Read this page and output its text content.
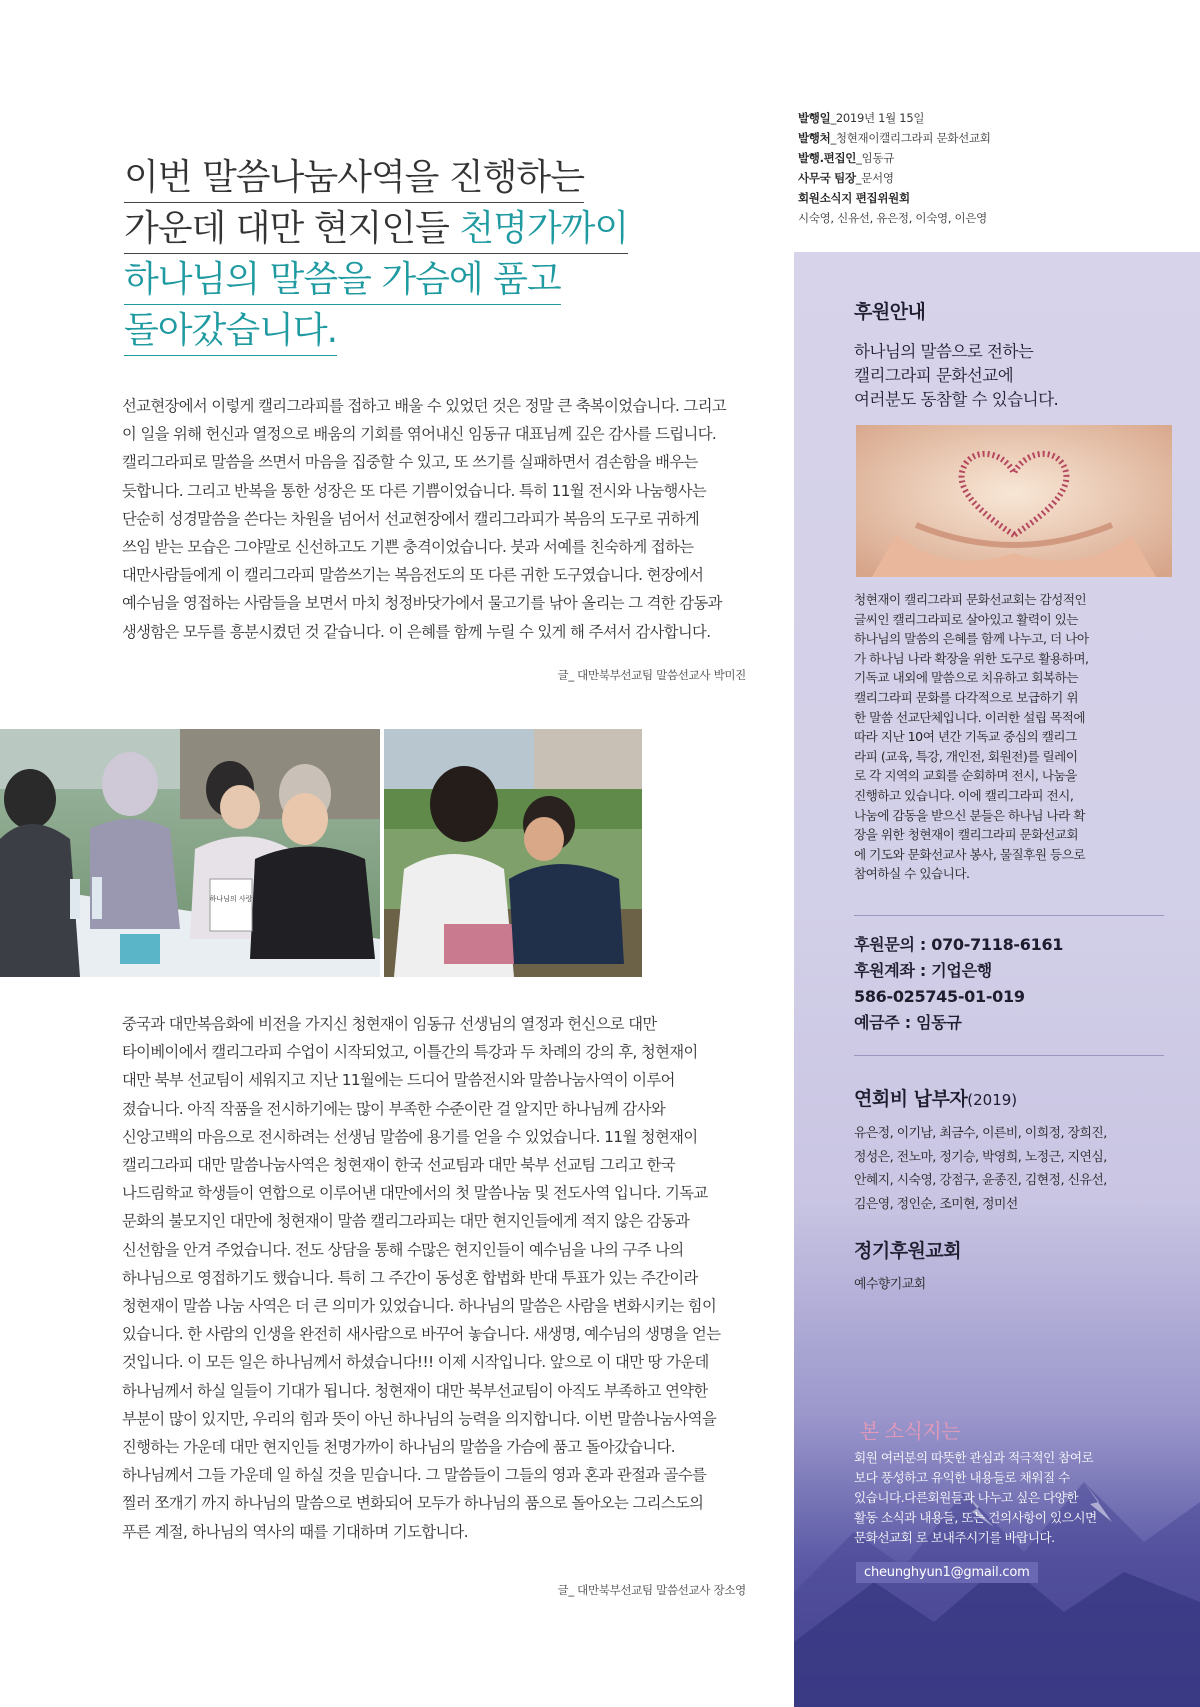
이번 말씀나눔사역을 진행하는
가운데 대만 현지인들 천명가까이
하나님의 말씀을 가슴에 품고
돌아갔습니다.
선교현장에서 이렇게 캘리그라피를 접하고 배울 수 있었던 것은 정말 큰 축복이었습니다. 그리고
이 일을 위해 헌신과 열정으로 배움의 기회를 엮어내신 임동규 대표님께 깊은 감사를 드립니다.
캘리그라피로 말씀을 쓰면서 마음을 집중할 수 있고, 또 쓰기를 실패하면서 겸손함을 배우는
듯합니다. 그리고 반복을 통한 성장은 또 다른 기쁨이었습니다. 특히 11월 전시와 나눔행사는
단순히 성경말씀을 쓴다는 차원을 넘어서 선교현장에서 캘리그라피가 복음의 도구로 귀하게
쓰임 받는 모습은 그야말로 신선하고도 기쁜 충격이었습니다. 붓과 서예를 친숙하게 접하는
대만사람들에게 이 캘리그라피 말씀쓰기는 복음전도의 또 다른 귀한 도구였습니다. 현장에서
예수님을 영접하는 사람들을 보면서 마치 청정바닷가에서 물고기를 낚아 올리는 그 격한 감동과
생생함은 모두를 흥분시켰던 것 같습니다. 이 은혜를 함께 누릴 수 있게 해 주셔서 감사합니다.
글_ 대만북부선교팀 말씀선교사 박미진
하나님의 사랑
중국과 대만복음화에 비전을 가지신 청현재이 임동규 선생님의 열정과 헌신으로 대만
타이베이에서 캘리그라피 수업이 시작되었고, 이틀간의 특강과 두 차례의 강의 후, 청현재이
대만 북부 선교팀이 세워지고 지난 11월에는 드디어 말씀전시와 말씀나눔사역이 이루어
졌습니다. 아직 작품을 전시하기에는 많이 부족한 수준이란 걸 알지만 하나님께 감사와
신앙고백의 마음으로 전시하려는 선생님 말씀에 용기를 얻을 수 있었습니다. 11월 청현재이
캘리그라피 대만 말씀나눔사역은 청현재이 한국 선교팀과 대만 북부 선교팀 그리고 한국
나드림학교 학생들이 연합으로 이루어낸 대만에서의 첫 말씀나눔 및 전도사역 입니다. 기독교
문화의 불모지인 대만에 청현재이 말씀 캘리그라피는 대만 현지인들에게 적지 않은 감동과
신선함을 안겨 주었습니다. 전도 상담을 통해 수많은 현지인들이 예수님을 나의 구주 나의
하나님으로 영접하기도 했습니다. 특히 그 주간이 동성혼 합법화 반대 투표가 있는 주간이라
청현재이 말씀 나눔 사역은 더 큰 의미가 있었습니다. 하나님의 말씀은 사람을 변화시키는 힘이
있습니다. 한 사람의 인생을 완전히 새사람으로 바꾸어 놓습니다. 새생명, 예수님의 생명을 얻는
것입니다. 이 모든 일은 하나님께서 하셨습니다!!! 이제 시작입니다. 앞으로 이 대만 땅 가운데
하나님께서 하실 일들이 기대가 됩니다. 청현재이 대만 북부선교팀이 아직도 부족하고 연약한
부분이 많이 있지만, 우리의 힘과 뜻이 아닌 하나님의 능력을 의지합니다. 이번 말씀나눔사역을
진행하는 가운데 대만 현지인들 천명가까이 하나님의 말씀을 가슴에 품고 돌아갔습니다.
하나님께서 그들 가운데 일 하실 것을 믿습니다. 그 말씀들이 그들의 영과 혼과 관절과 골수를
찔러 쪼개기 까지 하나님의 말씀으로 변화되어 모두가 하나님의 품으로 돌아오는 그리스도의
푸른 계절, 하나님의 역사의 때를 기대하며 기도합니다.
글_ 대만북부선교팀 말씀선교사 장소영
발행일_2019년 1월 15일
발행처_청현재이캘리그라피 문화선교회
발행.편집인_임동규
사무국 팀장_문서영
회원소식지 편집위원회
시숙영, 신유선, 유은정, 이숙영, 이은영
후원안내
하나님의 말씀으로 전하는
캘리그라피 문화선교에
여러분도 동참할 수 있습니다.
청현재이 캘리그라피 문화선교회는 감성적인
글씨인 캘리그라피로 살아있고 활력이 있는
하나님의 말씀의 은혜를 함께 나누고, 더 나아
가 하나님 나라 확장을 위한 도구로 활용하며,
기독교 내외에 말씀으로 치유하고 회복하는
캘리그라피 문화를 다각적으로 보급하기 위
한 말씀 선교단체입니다. 이러한 설립 목적에
따라 지난 10여 년간 기독교 중심의 캘리그
라피 (교육, 특강, 개인전, 회원전)를 릴레이
로 각 지역의 교회를 순회하며 전시, 나눔을
진행하고 있습니다. 이에 캘리그라피 전시,
나눔에 감동을 받으신 분들은 하나님 나라 확
장을 위한 청현재이 캘리그라피 문화선교회
에 기도와 문화선교사 봉사, 물질후원 등으로
참여하실 수 있습니다.
후원문의 : 070-7118-6161
후원계좌 : 기업은행
586-025745-01-019
예금주 : 임동규
연회비 납부자(2019)
유은정, 이기남, 최금수, 이른비, 이희정, 장희진,
정성은, 전노마, 정기승, 박영희, 노정근, 지연심,
안혜지, 시숙영, 강점구, 윤종진, 김현정, 신유선,
김은영, 정인순, 조미현, 정미선
정기후원교회
예수향기교회
본 소식지는
회원 여러분의 따뜻한 관심과 적극적인 참여로
보다 풍성하고 유익한 내용들로 채워질 수
있습니다.다른회원들과 나누고 싶은 다양한
활동 소식과 내용들, 또는 건의사항이 있으시면
문화선교회 로 보내주시기를 바랍니다.
cheunghyun1@gmail.com
